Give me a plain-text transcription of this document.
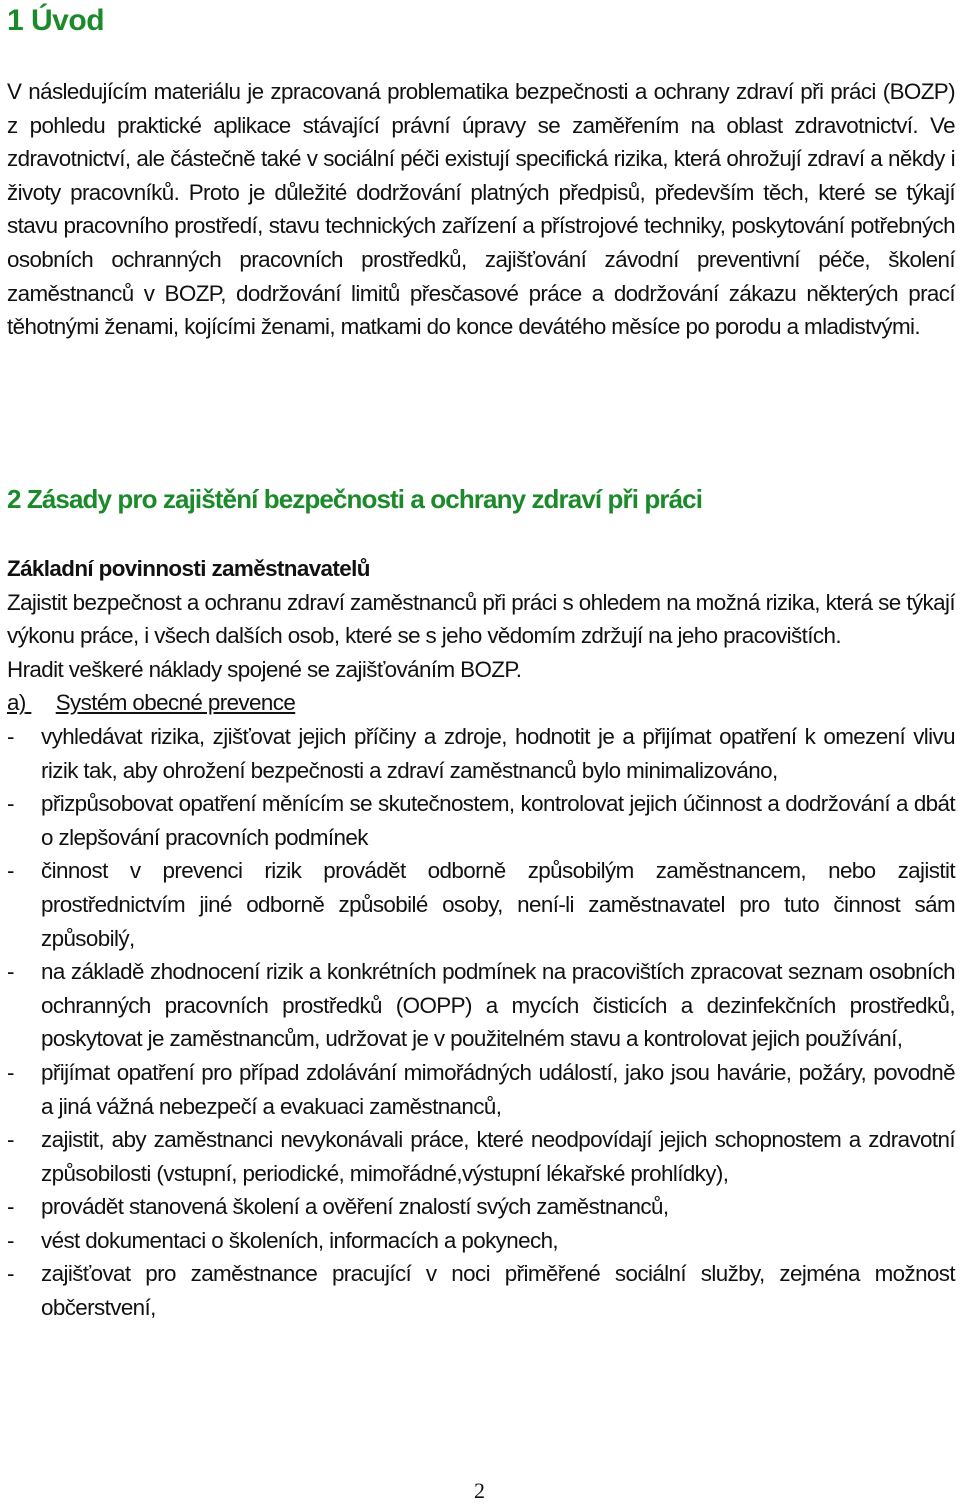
1 Úvod

V následujícím materiálu je zpracovaná problematika bezpečnosti a ochrany zdraví při práci (BOZP) z pohledu praktické aplikace stávající právní úpravy se zaměřením na oblast zdravotnictví. Ve zdravotnictví, ale částečně také v sociální péči existují specifická rizika, která ohrožují zdraví a někdy i životy pracovníků. Proto je důležité dodržování platných předpisů, především těch, které se týkají stavu pracovního prostředí, stavu technických zařízení a přístrojové techniky, poskytování potřebných osobních ochranných pracovních prostředků, zajišťování závodní preventivní péče, školení zaměstnanců v BOZP, dodržování limitů přesčasové práce a dodržování zákazu některých prací těhotnými ženami, kojícími ženami, matkami do konce devátého měsíce po porodu a mladistvými.

2 Zásady pro zajištění bezpečnosti a ochrany zdraví při práci
Základní povinnosti zaměstnavatelů

Zajistit bezpečnost a ochranu zdraví zaměstnanců při práci s ohledem na možná rizika, která se týkají výkonu práce, i všech dalších osob, které se s jeho vědomím zdržují na jeho pracovištích.

Hradit veškeré náklady spojené se zajišťováním BOZP.

a) Systém obecné prevence

- vyhledávat rizika, zjišťovat jejich příčiny a zdroje, hodnotit je a přijímat opatření k omezení vlivu rizik tak, aby ohrožení bezpečnosti a zdraví zaměstnanců bylo minimalizováno,
- přizpůsobovat opatření měnícím se skutečnostem, kontrolovat jejich účinnost a dodržování a dbát o zlepšování pracovních podmínek
- činnost v prevenci rizik provádět odborně způsobilým zaměstnancem, nebo zajistit prostřednictvím jiné odborně způsobilé osoby, není-li zaměstnavatel pro tuto činnost sám způsobilý,
- na základě zhodnocení rizik a konkrétních podmínek na pracovištích zpracovat seznam osobních ochranných pracovních prostředků (OOPP) a mycích čisticích a dezinfekčních prostředků, poskytovat je zaměstnancům, udržovat je v použitelném stavu a kontrolovat jejich používání,
- přijímat opatření pro případ zdolávání mimořádných událostí, jako jsou havárie, požáry, povodně a jiná vážná nebezpečí a evakuaci zaměstnanců,
- zajistit, aby zaměstnanci nevykonávali práce, které neodpovídají jejich schopnostem a zdravotní způsobilosti (vstupní, periodické, mimořádné,výstupní lékařské prohlídky),
- provádět stanovená školení a ověření znalostí svých zaměstnanců,
- vést dokumentaci o školeních, informacích a pokynech,
- zajišťovat pro zaměstnance pracující v noci přiměřené sociální služby, zejména možnost občerstvení,
2
